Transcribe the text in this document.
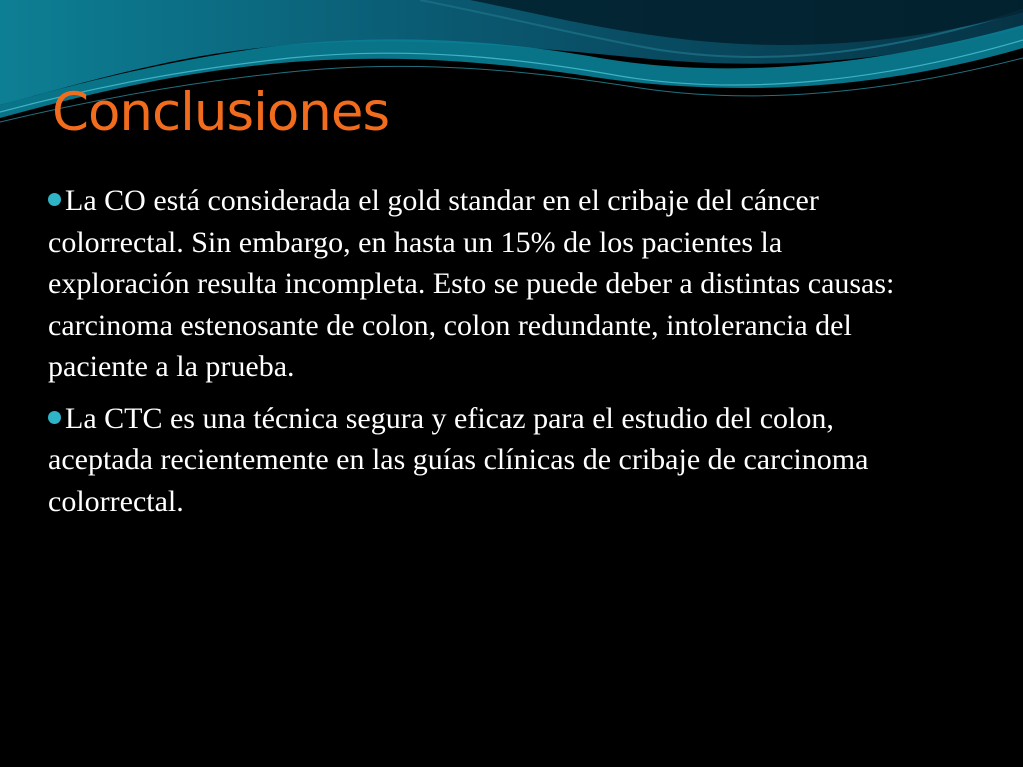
Conclusiones
La CO está considerada el gold standar en el cribaje del cáncer colorrectal. Sin embargo, en hasta un 15% de los pacientes la exploración resulta incompleta. Esto se puede deber a distintas causas: carcinoma estenosante de colon, colon redundante, intolerancia del paciente a la prueba.
La CTC es una técnica segura y eficaz para el estudio del colon, aceptada recientemente en las guías clínicas de cribaje de carcinoma colorrectal.
